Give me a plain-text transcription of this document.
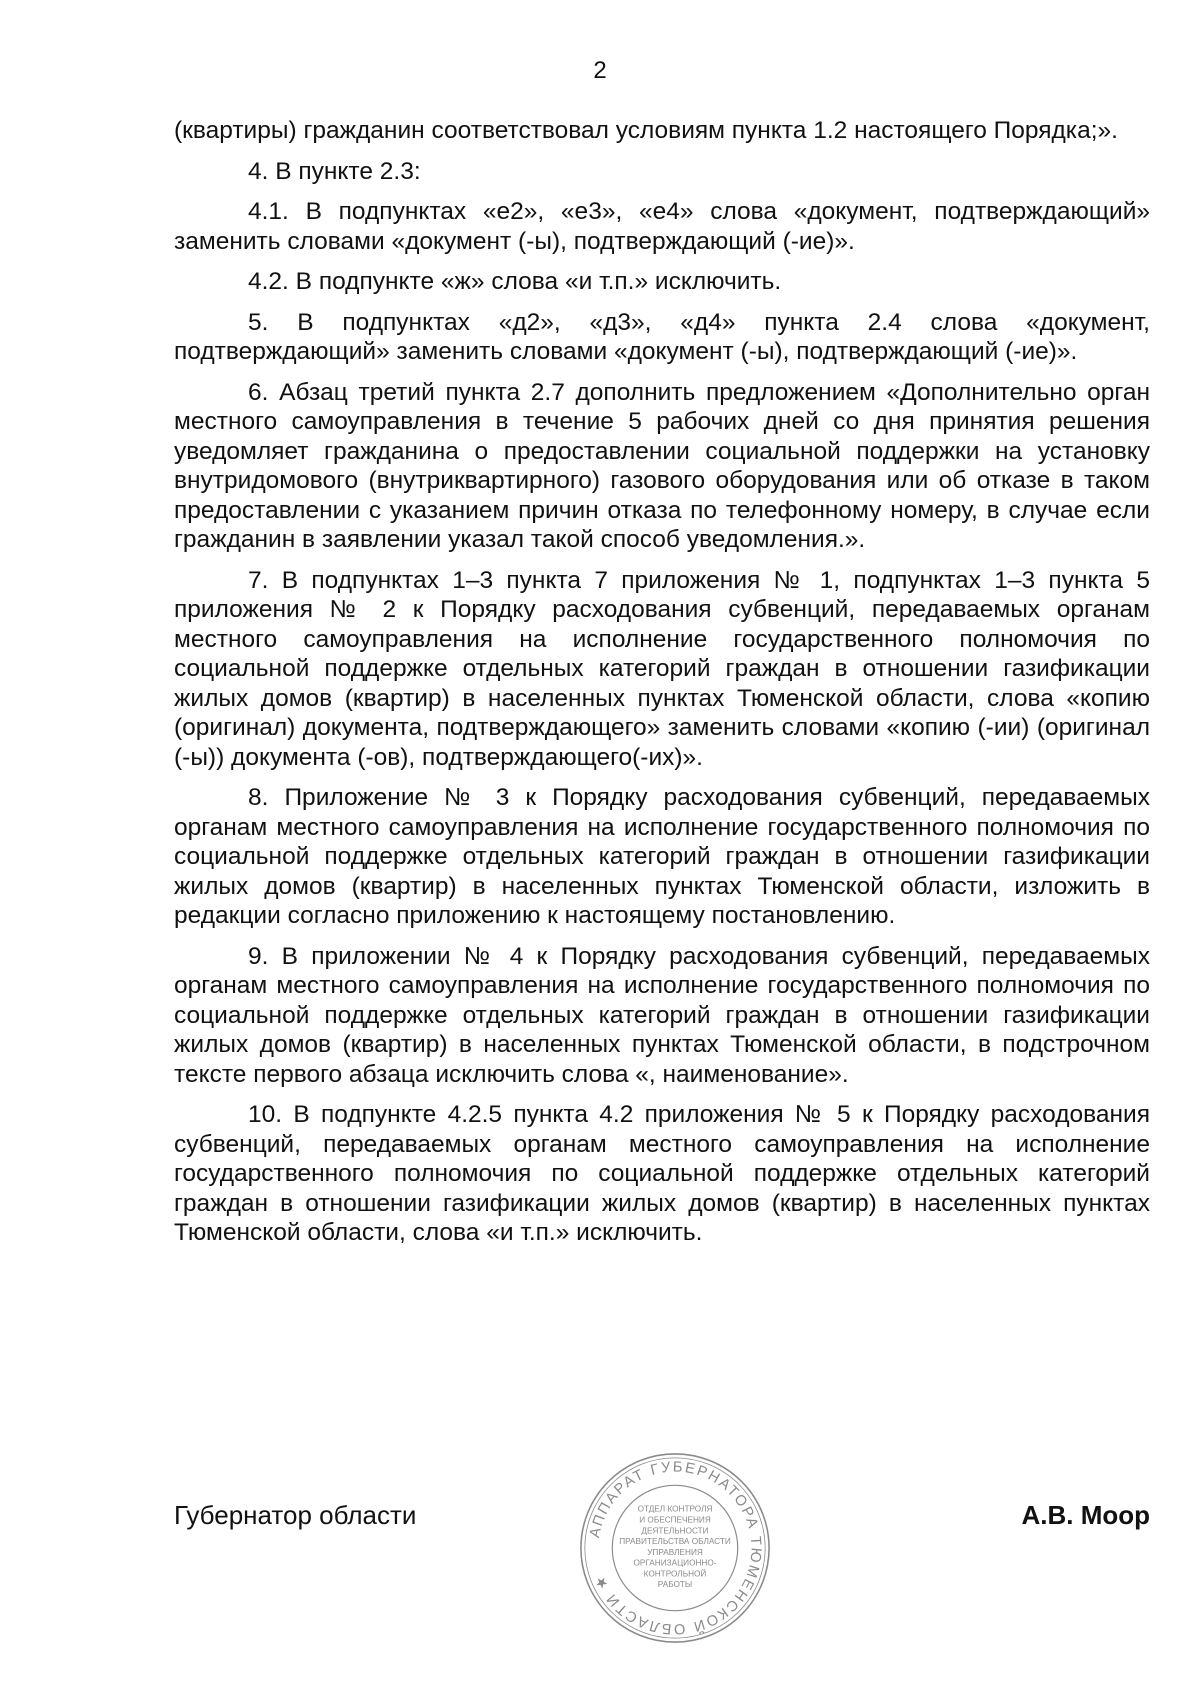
2

(квартиры) гражданин соответствовал условиям пункта 1.2 настоящего Порядка;».

4. В пункте 2.3:

4.1. В подпунктах «е2», «е3», «е4» слова «документ, подтверждающий» заменить словами «документ (-ы), подтверждающий (-ие)».

4.2. В подпункте «ж» слова «и т.п.» исключить.

5. В подпунктах «д2», «д3», «д4» пункта 2.4 слова «документ, подтверждающий» заменить словами «документ (-ы), подтверждающий (-ие)».

6. Абзац третий пункта 2.7 дополнить предложением «Дополнительно орган местного самоуправления в течение 5 рабочих дней со дня принятия решения уведомляет гражданина о предоставлении социальной поддержки на установку внутридомового (внутриквартирного) газового оборудования или об отказе в таком предоставлении с указанием причин отказа по телефонному номеру, в случае если гражданин в заявлении указал такой способ уведомления.».

7. В подпунктах 1–3 пункта 7 приложения № 1, подпунктах 1–3 пункта 5 приложения № 2 к Порядку расходования субвенций, передаваемых органам местного самоуправления на исполнение государственного полномочия по социальной поддержке отдельных категорий граждан в отношении газификации жилых домов (квартир) в населенных пунктах Тюменской области, слова «копию (оригинал) документа, подтверждающего» заменить словами «копию (-ии) (оригинал (-ы)) документа (-ов), подтверждающего(-их)».

8. Приложение № 3 к Порядку расходования субвенций, передаваемых органам местного самоуправления на исполнение государственного полномочия по социальной поддержке отдельных категорий граждан в отношении газификации жилых домов (квартир) в населенных пунктах Тюменской области, изложить в редакции согласно приложению к настоящему постановлению.

9. В приложении № 4 к Порядку расходования субвенций, передаваемых органам местного самоуправления на исполнение государственного полномочия по социальной поддержке отдельных категорий граждан в отношении газификации жилых домов (квартир) в населенных пунктах Тюменской области, в подстрочном тексте первого абзаца исключить слова «, наименование».

10. В подпункте 4.2.5 пункта 4.2 приложения № 5 к Порядку расходования субвенций, передаваемых органам местного самоуправления на исполнение государственного полномочия по социальной поддержке отдельных категорий граждан в отношении газификации жилых домов (квартир) в населенных пунктах Тюменской области, слова «и т.п.» исключить.

Губернатор области	А.В. Моор
АППАРАТ ГУБЕРНАТОРА ТЮМЕНСКОЙ ОБЛАСТИ ★
ОТДЕЛ КОНТРОЛЯ
И ОБЕСПЕЧЕНИЯ
ДЕЯТЕЛЬНОСТИ
ПРАВИТЕЛЬСТВА ОБЛАСТИ
УПРАВЛЕНИЯ
ОРГАНИЗАЦИОННО-
КОНТРОЛЬНОЙ
РАБОТЫ
